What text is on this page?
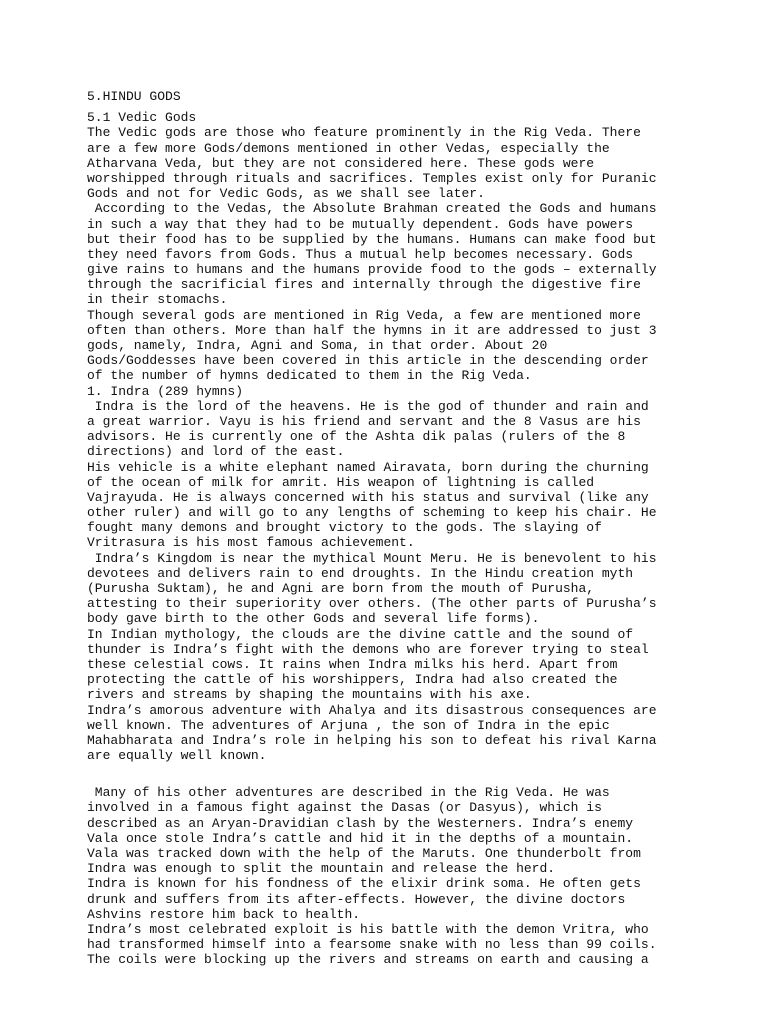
5.HINDU GODS
5.1 Vedic Gods
The Vedic gods are those who feature prominently in the Rig Veda. There
are a few more Gods/demons mentioned in other Vedas, especially the
Atharvana Veda, but they are not considered here. These gods were
worshipped through rituals and sacrifices. Temples exist only for Puranic
Gods and not for Vedic Gods, as we shall see later.
According to the Vedas, the Absolute Brahman created the Gods and humans
in such a way that they had to be mutually dependent. Gods have powers
but their food has to be supplied by the humans. Humans can make food but
they need favors from Gods. Thus a mutual help becomes necessary. Gods
give rains to humans and the humans provide food to the gods – externally
through the sacrificial fires and internally through the digestive fire
in their stomachs.
Though several gods are mentioned in Rig Veda, a few are mentioned more
often than others. More than half the hymns in it are addressed to just 3
gods, namely, Indra, Agni and Soma, in that order. About 20
Gods/Goddesses have been covered in this article in the descending order
of the number of hymns dedicated to them in the Rig Veda.
1. Indra (289 hymns)
Indra is the lord of the heavens. He is the god of thunder and rain and
a great warrior. Vayu is his friend and servant and the 8 Vasus are his
advisors. He is currently one of the Ashta dik palas (rulers of the 8
directions) and lord of the east.
His vehicle is a white elephant named Airavata, born during the churning
of the ocean of milk for amrit. His weapon of lightning is called
Vajrayuda. He is always concerned with his status and survival (like any
other ruler) and will go to any lengths of scheming to keep his chair. He
fought many demons and brought victory to the gods. The slaying of
Vritrasura is his most famous achievement.
Indra’s Kingdom is near the mythical Mount Meru. He is benevolent to his
devotees and delivers rain to end droughts. In the Hindu creation myth
(Purusha Suktam), he and Agni are born from the mouth of Purusha,
attesting to their superiority over others. (The other parts of Purusha’s
body gave birth to the other Gods and several life forms).
In Indian mythology, the clouds are the divine cattle and the sound of
thunder is Indra’s fight with the demons who are forever trying to steal
these celestial cows. It rains when Indra milks his herd. Apart from
protecting the cattle of his worshippers, Indra had also created the
rivers and streams by shaping the mountains with his axe.
Indra’s amorous adventure with Ahalya and its disastrous consequences are
well known. The adventures of Arjuna , the son of Indra in the epic
Mahabharata and Indra’s role in helping his son to defeat his rival Karna
are equally well known.
Many of his other adventures are described in the Rig Veda. He was
involved in a famous fight against the Dasas (or Dasyus), which is
described as an Aryan-Dravidian clash by the Westerners. Indra’s enemy
Vala once stole Indra’s cattle and hid it in the depths of a mountain.
Vala was tracked down with the help of the Maruts. One thunderbolt from
Indra was enough to split the mountain and release the herd.
Indra is known for his fondness of the elixir drink soma. He often gets
drunk and suffers from its after-effects. However, the divine doctors
Ashvins restore him back to health.
Indra’s most celebrated exploit is his battle with the demon Vritra, who
had transformed himself into a fearsome snake with no less than 99 coils.
The coils were blocking up the rivers and streams on earth and causing a
